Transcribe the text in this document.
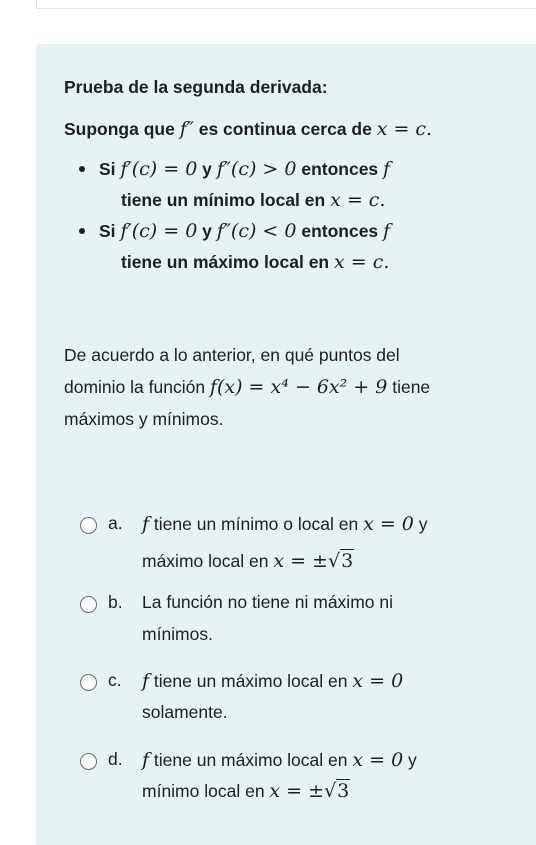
Prueba de la segunda derivada:
Suponga que f″ es continua cerca de x = c.
Si f′(c) = 0 y f″(c) > 0 entonces f
tiene un mínimo local en x = c.
Si f′(c) = 0 y f″(c) < 0 entonces f
tiene un máximo local en x = c.
De acuerdo a lo anterior, en qué puntos del
dominio la función f(x) = x⁴ − 6x² + 9 tiene
máximos y mínimos.
a. f tiene un mínimo o local en x = 0 y
máximo local en x = ±√3
b. La función no tiene ni máximo ni
mínimos.
c. f tiene un máximo local en x = 0
solamente.
d. f tiene un máximo local en x = 0 y
mínimo local en x = ±√3
